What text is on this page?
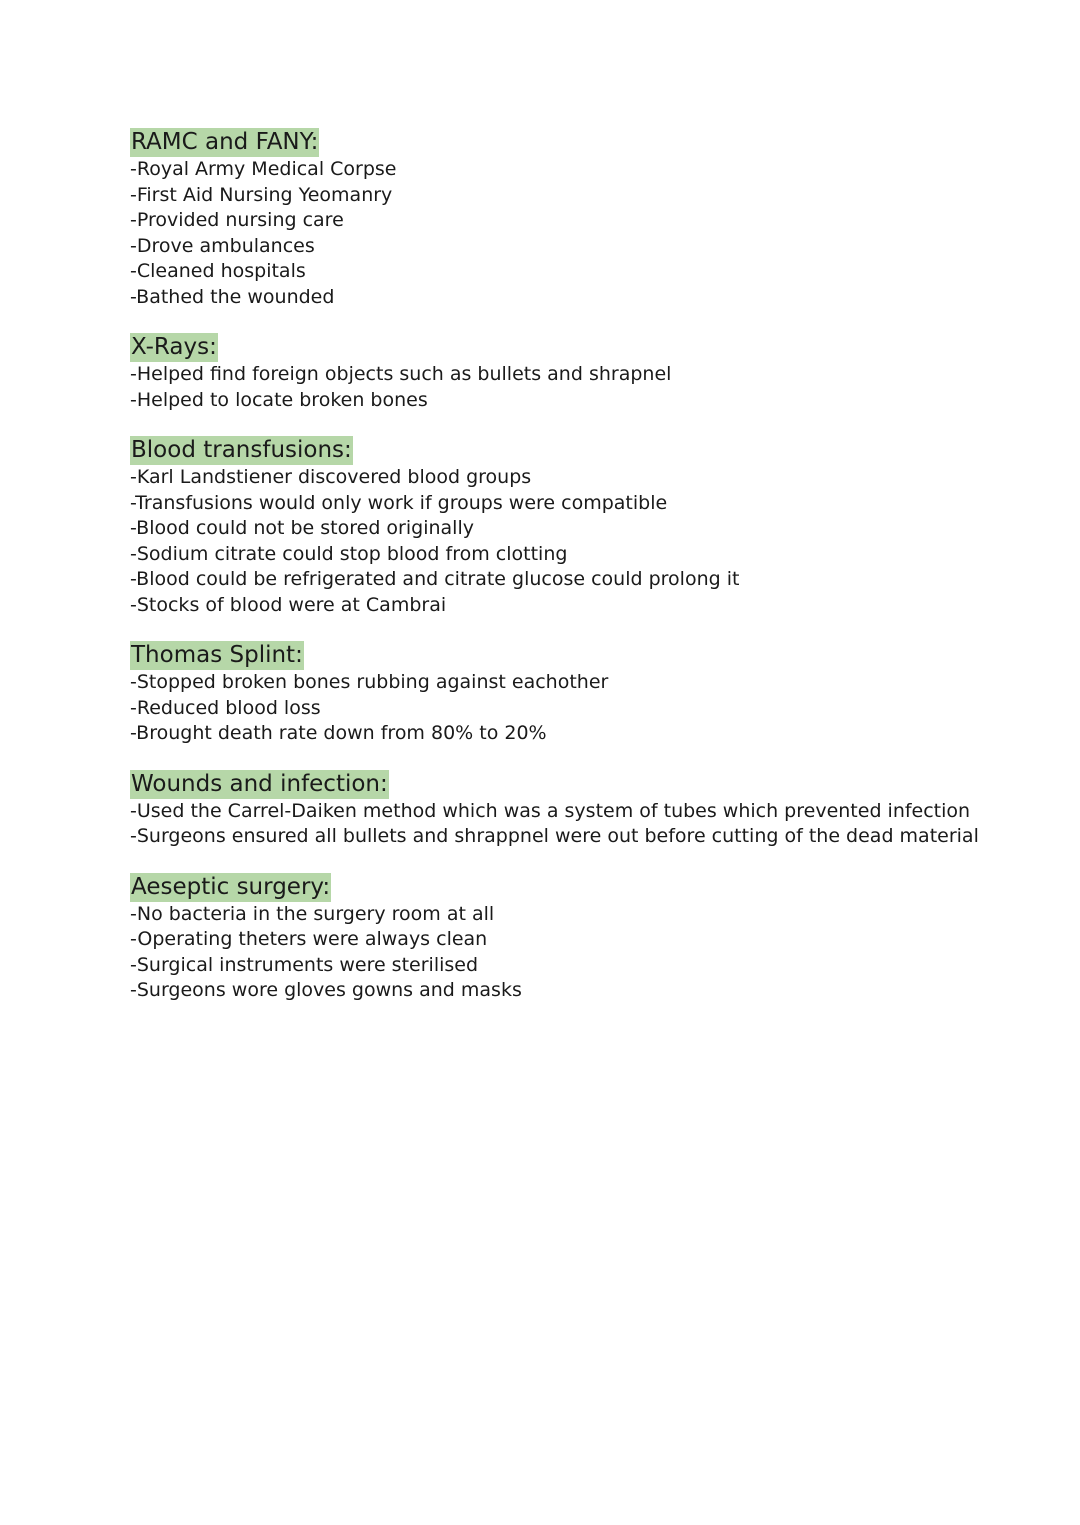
RAMC and FANY:
-Royal Army Medical Corpse
-First Aid Nursing Yeomanry
-Provided nursing care
-Drove ambulances
-Cleaned hospitals
-Bathed the wounded
X-Rays:
-Helped find foreign objects such as bullets and shrapnel
-Helped to locate broken bones
Blood transfusions:
-Karl Landstiener discovered blood groups
-Transfusions would only work if groups were compatible
-Blood could not be stored originally
-Sodium citrate could stop blood from clotting
-Blood could be refrigerated and citrate glucose could prolong it
-Stocks of blood were at Cambrai
Thomas Splint:
-Stopped broken bones rubbing against eachother
-Reduced blood loss
-Brought death rate down from 80% to 20%
Wounds and infection:
-Used the Carrel-Daiken method which was a system of tubes which prevented infection
-Surgeons ensured all bullets and shrappnel were out before cutting of the dead material
Aeseptic surgery:
-No bacteria in the surgery room at all
-Operating theters were always clean
-Surgical instruments were sterilised
-Surgeons wore gloves gowns and masks
